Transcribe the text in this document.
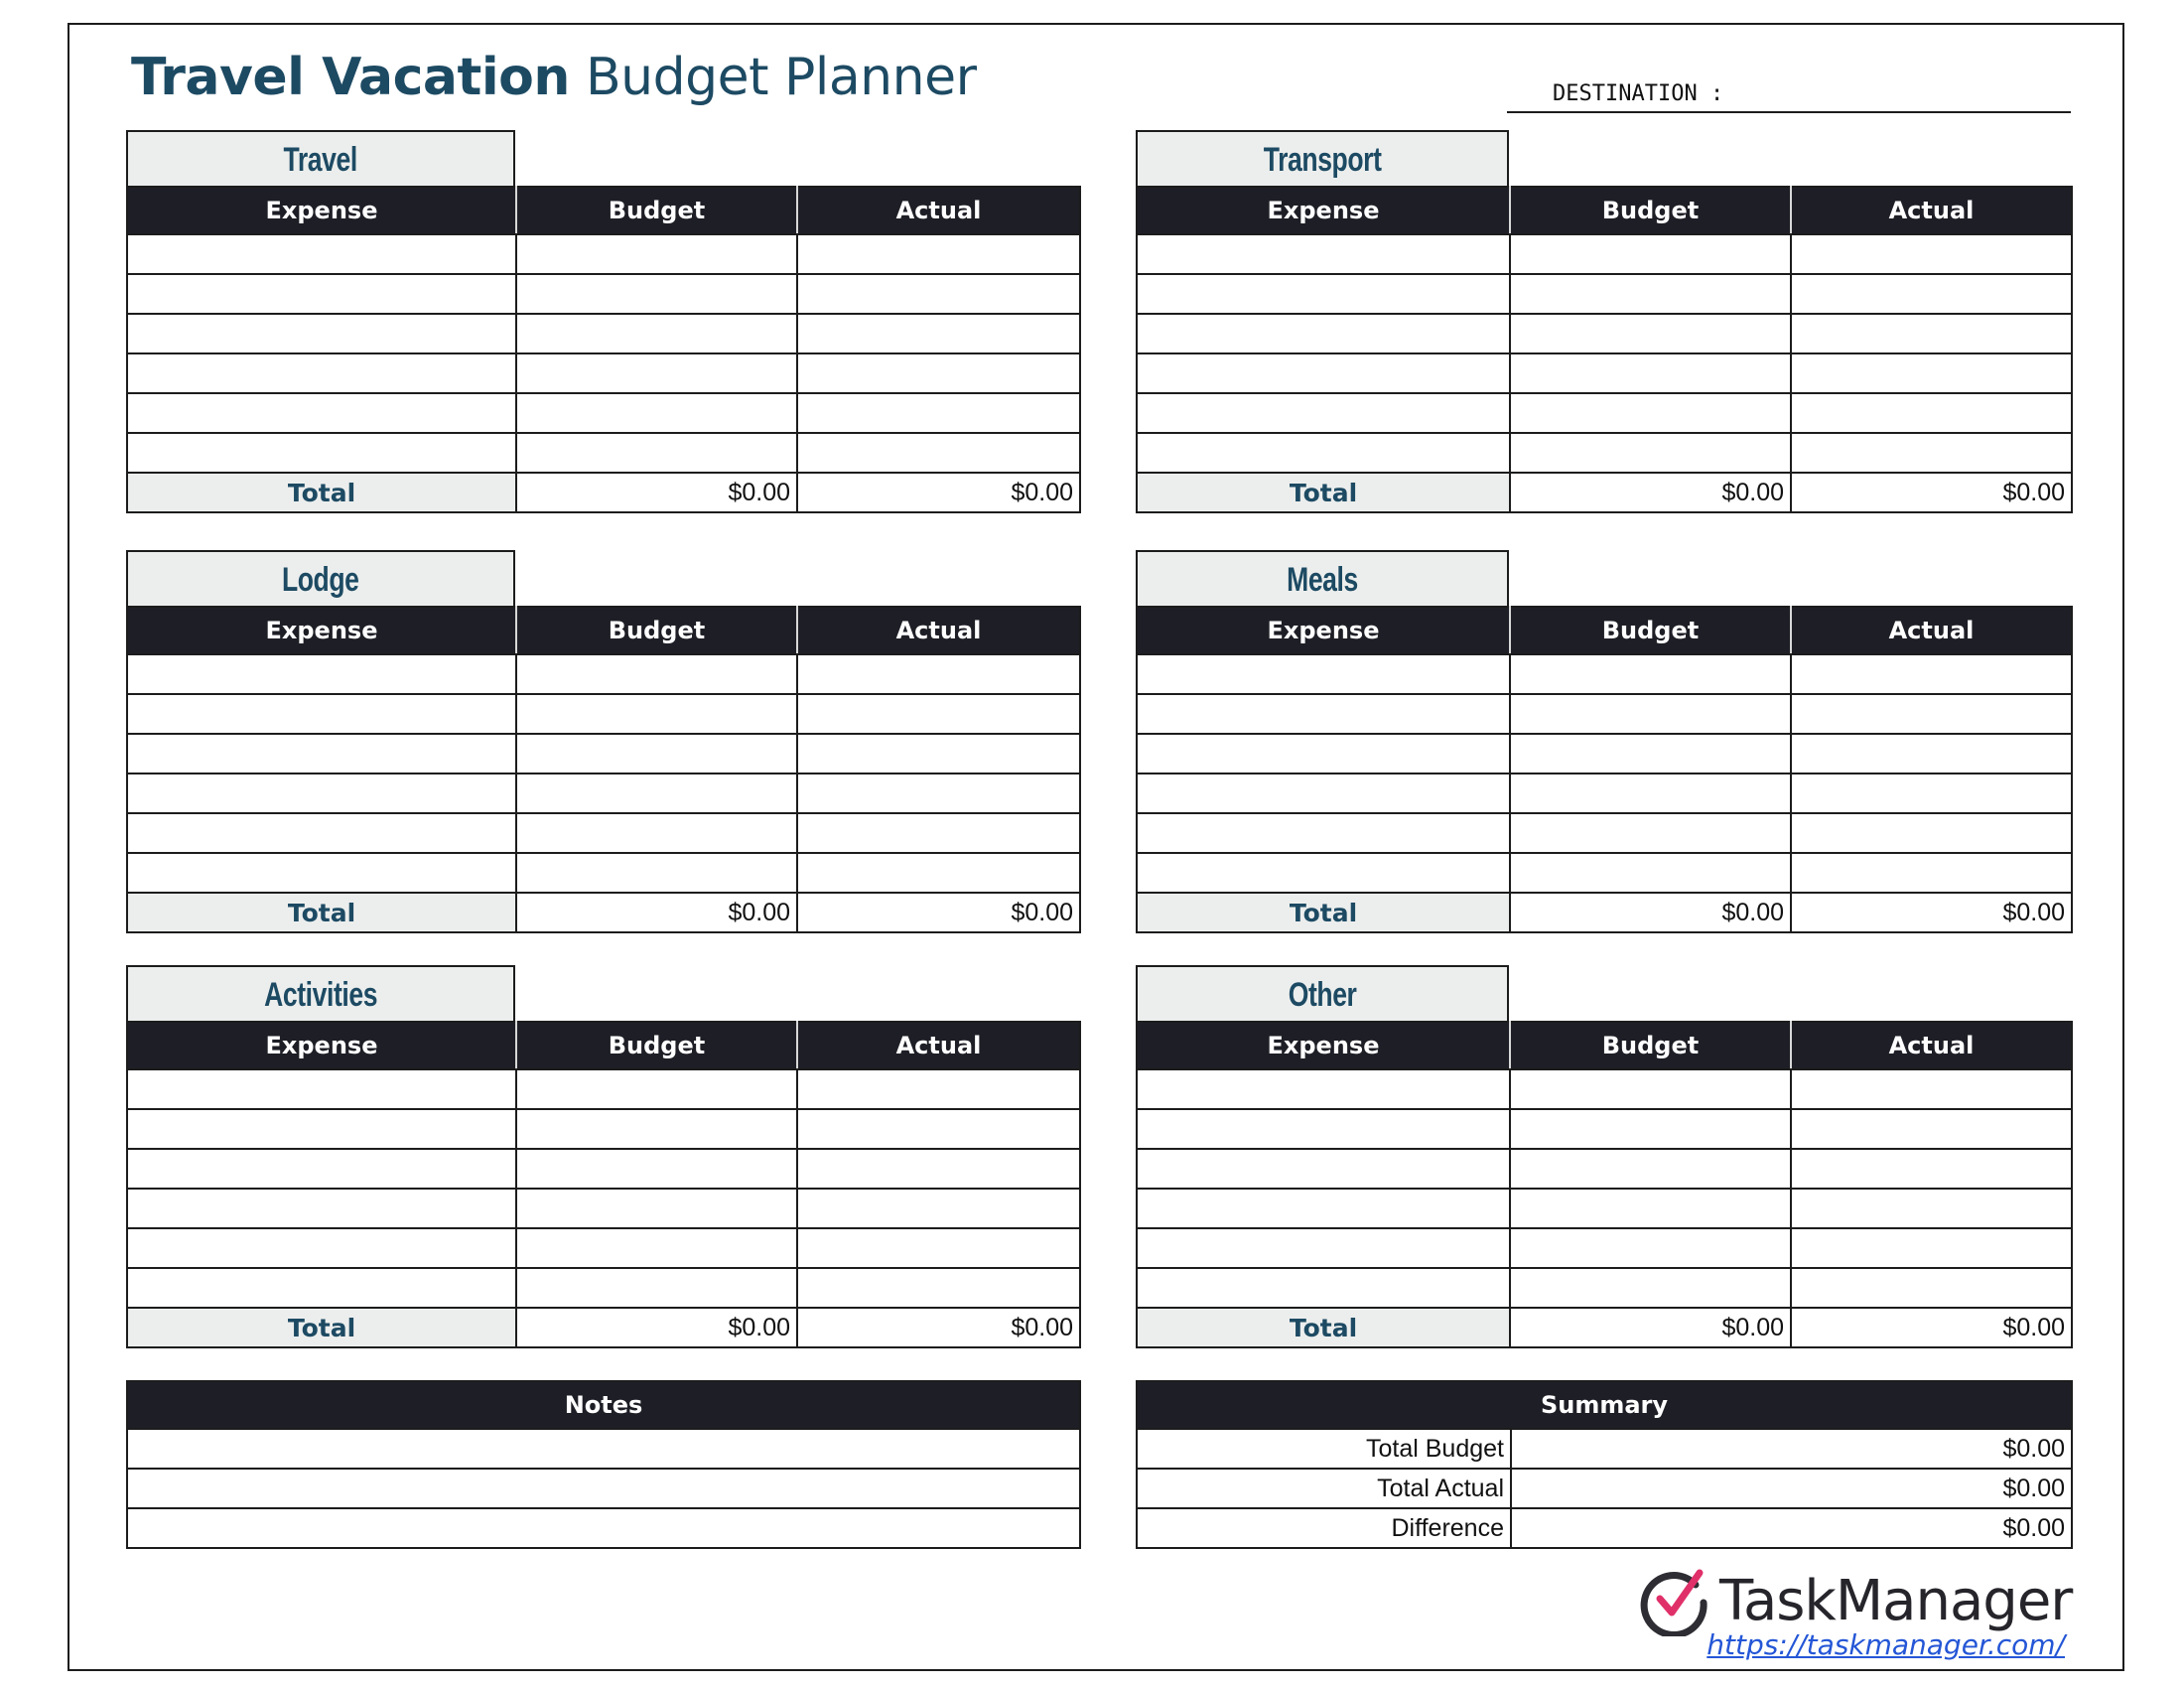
Travel Vacation Budget Planner	DESTINATION :
Travel
Expense	Budget	Actual

Total	$0.00	$0.00
Transport
Expense	Budget	Actual

Total	$0.00	$0.00
Lodge
Expense	Budget	Actual

Total	$0.00	$0.00
Meals
Expense	Budget	Actual

Total	$0.00	$0.00
Activities
Expense	Budget	Actual

Total	$0.00	$0.00
Other
Expense	Budget	Actual

Total	$0.00	$0.00
Notes	Summary	
Total Budget	$0.00
Total Actual	$0.00
Difference	$0.00
TaskManager
https://taskmanager.com/
